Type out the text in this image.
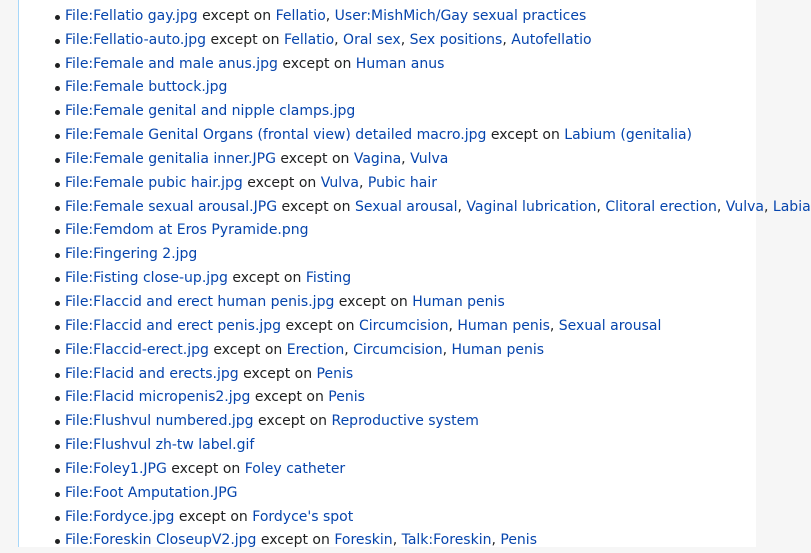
File:Fellatio gay.jpg except on Fellatio, User:MishMich/Gay sexual practices
File:Fellatio-auto.jpg except on Fellatio, Oral sex, Sex positions, Autofellatio
File:Female and male anus.jpg except on Human anus
File:Female buttock.jpg
File:Female genital and nipple clamps.jpg
File:Female Genital Organs (frontal view) detailed macro.jpg except on Labium (genitalia)
File:Female genitalia inner.JPG except on Vagina, Vulva
File:Female pubic hair.jpg except on Vulva, Pubic hair
File:Female sexual arousal.JPG except on Sexual arousal, Vaginal lubrication, Clitoral erection, Vulva, Labia
File:Femdom at Eros Pyramide.png
File:Fingering 2.jpg
File:Fisting close-up.jpg except on Fisting
File:Flaccid and erect human penis.jpg except on Human penis
File:Flaccid and erect penis.jpg except on Circumcision, Human penis, Sexual arousal
File:Flaccid-erect.jpg except on Erection, Circumcision, Human penis
File:Flacid and erects.jpg except on Penis
File:Flacid micropenis2.jpg except on Penis
File:Flushvul numbered.jpg except on Reproductive system
File:Flushvul zh-tw label.gif
File:Foley1.JPG except on Foley catheter
File:Foot Amputation.JPG
File:Fordyce.jpg except on Fordyce's spot
File:Foreskin CloseupV2.jpg except on Foreskin, Talk:Foreskin, Penis
